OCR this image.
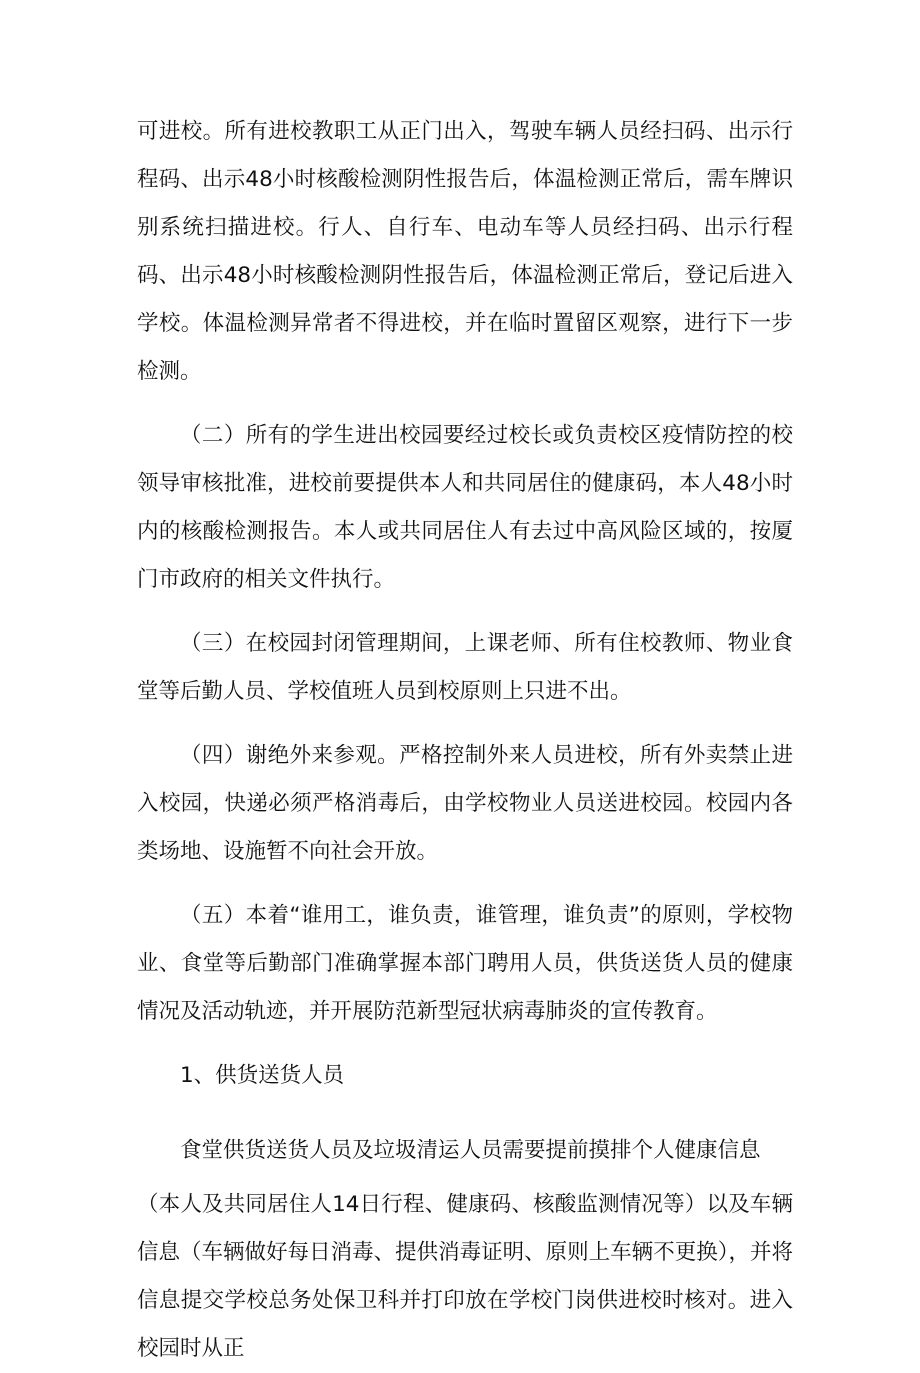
可进校。所有进校教职工从正门出入，驾驶车辆人员经扫码、出示行程码、出示48小时核酸检测阴性报告后，体温检测正常后，需车牌识别系统扫描进校。行人、自行车、电动车等人员经扫码、出示行程码、出示48小时核酸检测阴性报告后，体温检测正常后，登记后进入学校。体温检测异常者不得进校，并在临时置留区观察，进行下一步检测。

（二）所有的学生进出校园要经过校长或负责校区疫情防控的校领导审核批准，进校前要提供本人和共同居住的健康码，本人48小时内的核酸检测报告。本人或共同居住人有去过中高风险区域的，按厦门市政府的相关文件执行。

（三）在校园封闭管理期间，上课老师、所有住校教师、物业食堂等后勤人员、学校值班人员到校原则上只进不出。

（四）谢绝外来参观。严格控制外来人员进校，所有外卖禁止进入校园，快递必须严格消毒后，由学校物业人员送进校园。校园内各类场地、设施暂不向社会开放。

（五）本着“谁用工，谁负责，谁管理，谁负责”的原则，学校物业、食堂等后勤部门准确掌握本部门聘用人员，供货送货人员的健康情况及活动轨迹，并开展防范新型冠状病毒肺炎的宣传教育。

1、供货送货人员

食堂供货送货人员及垃圾清运人员需要提前摸排个人健康信息

（本人及共同居住人14日行程、健康码、核酸监测情况等）以及车辆信息（车辆做好每日消毒、提供消毒证明、原则上车辆不更换），并将信息提交学校总务处保卫科并打印放在学校门岗供进校时核对。进入校园时从正
